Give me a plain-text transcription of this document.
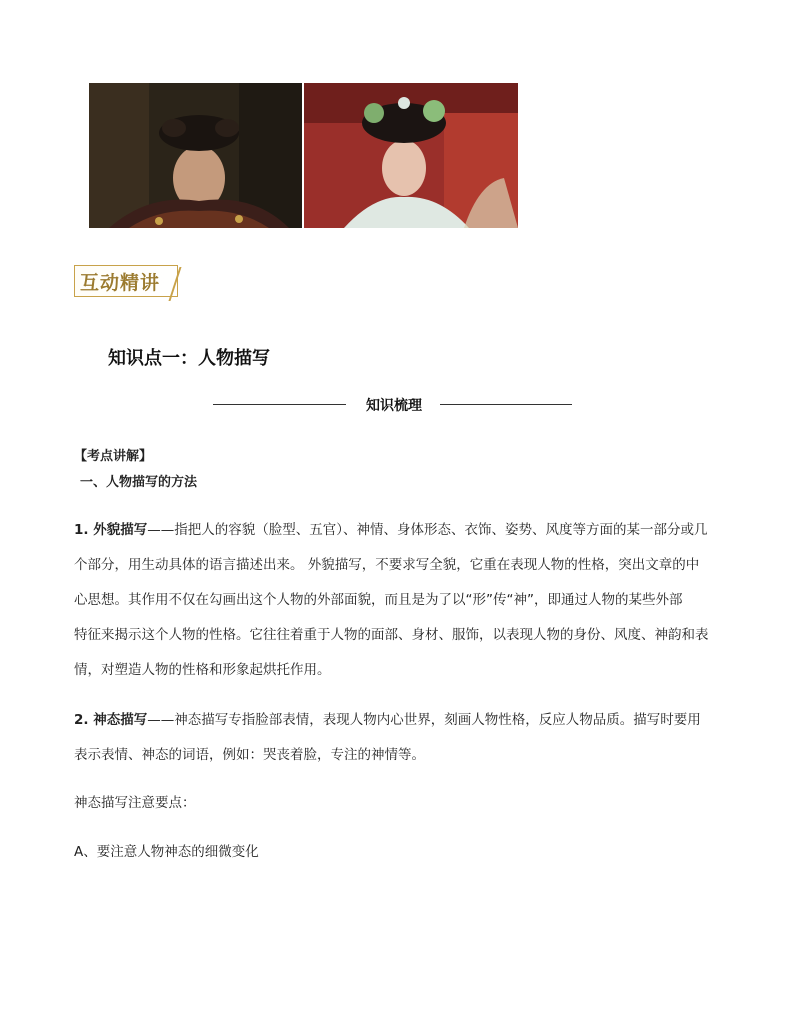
互动精讲
知识点一：人物描写
知识梳理
【考点讲解】
一、人物描写的方法
1. 外貌描写——指把人的容貌（脸型、五官）、神情、身体形态、衣饰、姿势、风度等方面的某一部分或几
个部分，用生动具体的语言描述出来。 外貌描写，不要求写全貌，它重在表现人物的性格，突出文章的中
心思想。其作用不仅在勾画出这个人物的外部面貌，而且是为了以“形”传“神”，即通过人物的某些外部
特征来揭示这个人物的性格。它往往着重于人物的面部、身材、服饰，以表现人物的身份、风度、神韵和表
情，对塑造人物的性格和形象起烘托作用。
2. 神态描写——神态描写专指脸部表情，表现人物内心世界，刻画人物性格，反应人物品质。描写时要用
表示表情、神态的词语，例如：哭丧着脸，专注的神情等。
神态描写注意要点：
A、要注意人物神态的细微变化
